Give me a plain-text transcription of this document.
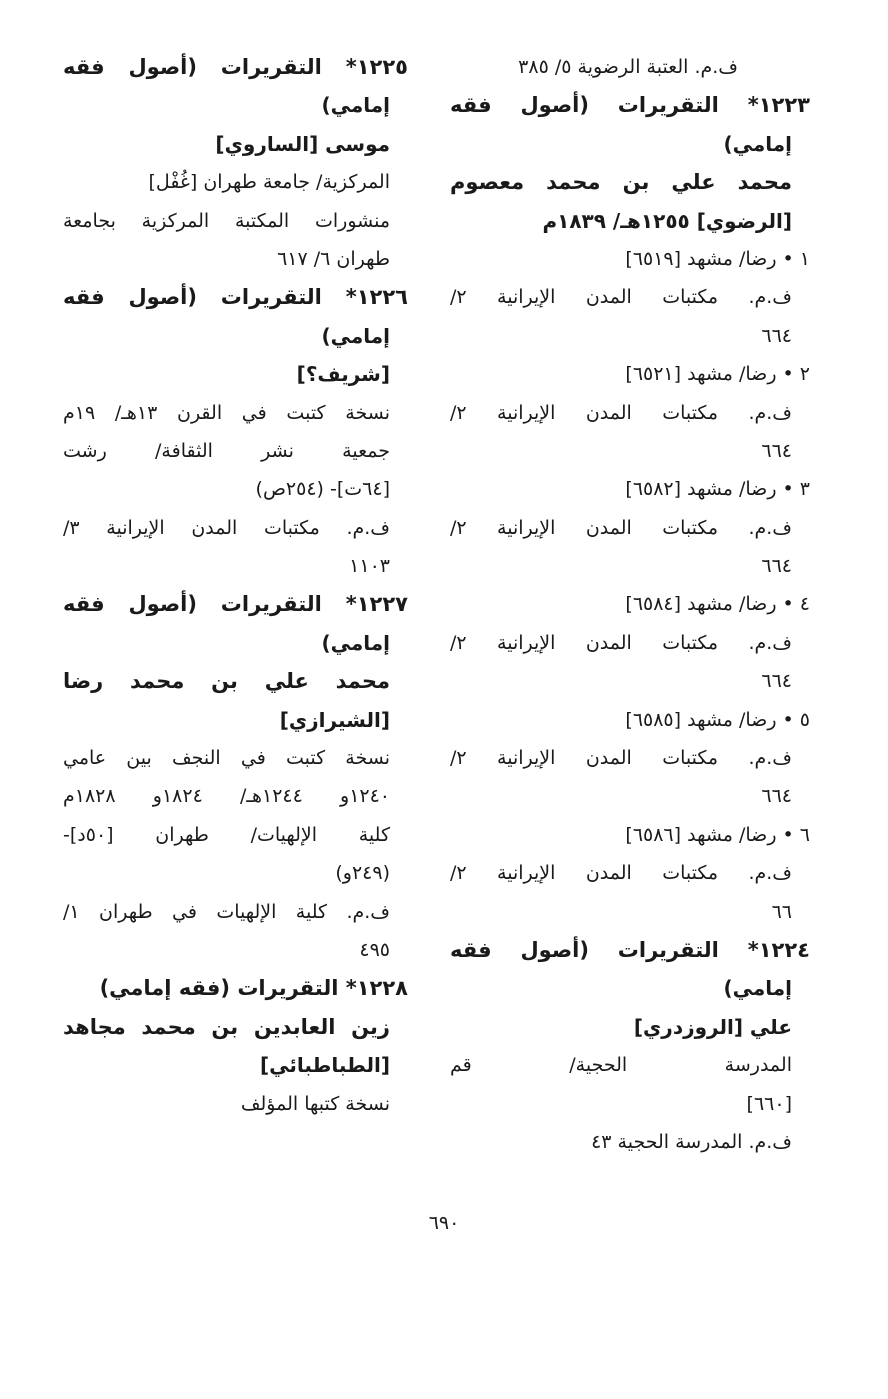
ف.م. العتبة الرضوية ٥/ ٣٨٥
١٢٢٣* التقريرات (أصول فقه
إمامي)
محمد علي بن محمد معصوم
[الرضوي] ١٢٥٥هـ/ ١٨٣٩م
١ • رضا/ مشهد [٦٥١٩]
ف.م. مكتبات المدن الإيرانية ٢/
٦٦٤
٢ • رضا/ مشهد [٦٥٢١]
ف.م. مكتبات المدن الإيرانية ٢/
٦٦٤
٣ • رضا/ مشهد [٦٥٨٢]
ف.م. مكتبات المدن الإيرانية ٢/
٦٦٤
٤ • رضا/ مشهد [٦٥٨٤]
ف.م. مكتبات المدن الإيرانية ٢/
٦٦٤
٥ • رضا/ مشهد [٦٥٨٥]
ف.م. مكتبات المدن الإيرانية ٢/
٦٦٤
٦ • رضا/ مشهد [٦٥٨٦]
ف.م. مكتبات المدن الإيرانية ٢/
٦٦
١٢٢٤* التقريرات (أصول فقه
إمامي)
علي [الروزدري]
المدرسة الحجية/ قم
[٦٦٠]
ف.م. المدرسة الحجية ٤٣
١٢٢٥* التقريرات (أصول فقه
إمامي)
موسى [الساروي]
المركزية/ جامعة طهران [غُفْل]
منشورات المكتبة المركزية بجامعة
طهران ٦/ ٦١٧
١٢٢٦* التقريرات (أصول فقه
إمامي)
[شريف؟]
نسخة كتبت في القرن ١٣هـ/ ١٩م
جمعية نشر الثقافة/ رشت
[٦٤ت]- (٢٥٤ص)
ف.م. مكتبات المدن الإيرانية ٣/
١١٠٣
١٢٢٧* التقريرات (أصول فقه
إمامي)
محمد علي بن محمد رضا
[الشيرازي]
نسخة كتبت في النجف بين عامي
١٢٤٠و ١٢٤٤هـ/ ١٨٢٤و ١٨٢٨م
كلية الإلهيات/ طهران [٥٠د]-
(٢٤٩و)
ف.م. كلية الإلهيات في طهران ١/
٤٩٥
١٢٢٨* التقريرات (فقه إمامي)
زين العابدين بن محمد مجاهد
[الطباطبائي]
نسخة كتبها المؤلف
٦٩٠
